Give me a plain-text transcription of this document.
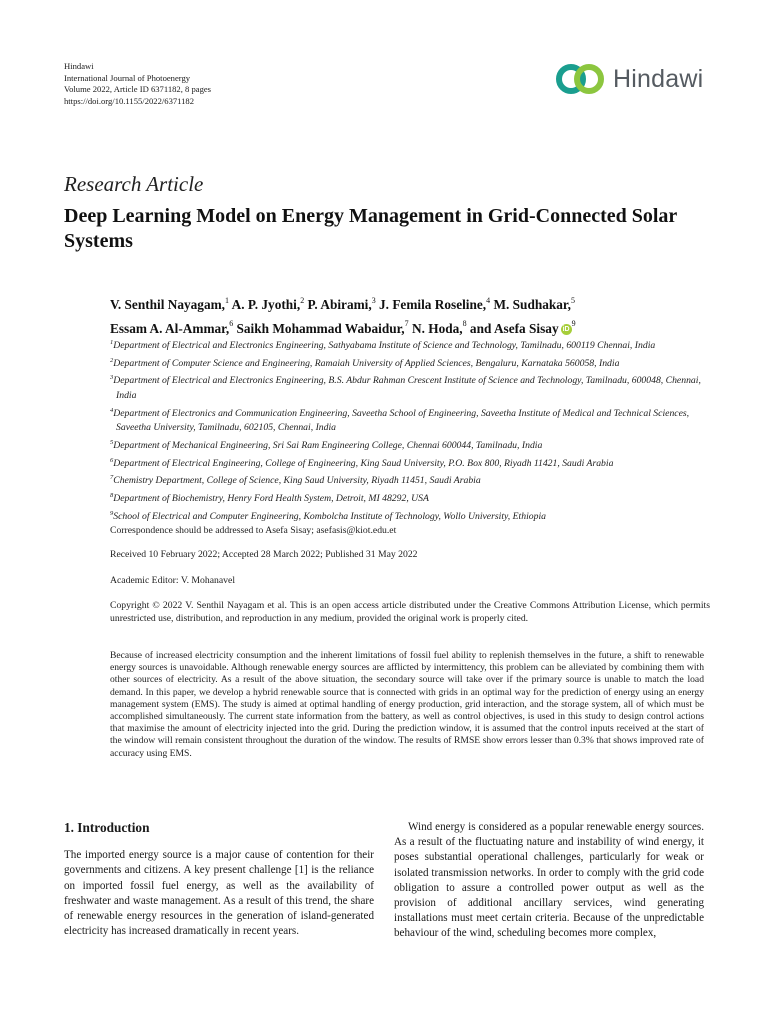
Hindawi
International Journal of Photoenergy
Volume 2022, Article ID 6371182, 8 pages
https://doi.org/10.1155/2022/6371182
Hindawi
Research Article
Deep Learning Model on Energy Management in Grid-Connected Solar Systems
V. Senthil Nayagam,$^1$ A. P. Jyothi,$^2$ P. Abirami,$^3$ J. Femila Roseline,$^4$ M. Sudhakar,$^5$
Essam A. Al-Ammar,$^6$ Saikh Mohammad Wabaidur,$^7$ N. Hoda,$^8$ and Asefa Sisay $iD^9$
$^1$Department of Electrical and Electronics Engineering, Sathyabama Institute of Science and Technology, Tamilnadu, 600119 Chennai, India
$^2$Department of Computer Science and Engineering, Ramaiah University of Applied Sciences, Bengaluru, Karnataka 560058, India
$^3$Department of Electrical and Electronics Engineering, B.S. Abdur Rahman Crescent Institute of Science and Technology, Tamilnadu, 600048, Chennai, India
$^4$Department of Electronics and Communication Engineering, Saveetha School of Engineering, Saveetha Institute of Medical and Technical Sciences, Saveetha University, Tamilnadu, 602105, Chennai, India
$^5$Department of Mechanical Engineering, Sri Sai Ram Engineering College, Chennai 600044, Tamilnadu, India
$^6$Department of Electrical Engineering, College of Engineering, King Saud University, P.O. Box 800, Riyadh 11421, Saudi Arabia
$^7$Chemistry Department, College of Science, King Saud University, Riyadh 11451, Saudi Arabia
$^8$Department of Biochemistry, Henry Ford Health System, Detroit, MI 48292, USA
$^9$School of Electrical and Computer Engineering, Kombolcha Institute of Technology, Wollo University, Ethiopia
Correspondence should be addressed to Asefa Sisay; asefasis@kiot.edu.et
Received 10 February 2022; Accepted 28 March 2022; Published 31 May 2022
Academic Editor: V. Mohanavel
Copyright © 2022 V. Senthil Nayagam et al. This is an open access article distributed under the Creative Commons Attribution License, which permits unrestricted use, distribution, and reproduction in any medium, provided the original work is properly cited.
Because of increased electricity consumption and the inherent limitations of fossil fuel ability to replenish themselves in the future, a shift to renewable energy sources is unavoidable. Although renewable energy sources are afflicted by intermittency, this problem can be alleviated by combining them with other sources of electricity. As a result of the above situation, the secondary source will take over if the primary source is unable to match the load demand. In this paper, we develop a hybrid renewable source that is connected with grids in an optimal way for the prediction of energy using an energy management system (EMS). The study is aimed at optimal handling of energy production, grid interaction, and the storage system, all of which must be accomplished simultaneously. The current state information from the battery, as well as control objectives, is used in this study to design control actions that maximise the amount of electricity injected into the grid. During the prediction window, it is assumed that the control inputs received at the start of the window will remain consistent throughout the duration of the window. The results of RMSE show errors lesser than 0.3% that shows improved rate of accuracy using EMS.
1. Introduction
The imported energy source is a major cause of contention for their governments and citizens. A key present challenge [1] is the reliance on imported fossil fuel energy, as well as the availability of freshwater and waste management. As a result of this trend, the share of renewable energy resources in the generation of island-generated electricity has increased dramatically in recent years.
Wind energy is considered as a popular renewable energy sources. As a result of the fluctuating nature and instability of wind energy, it poses substantial operational challenges, particularly for weak or isolated transmission networks. In order to comply with the grid code obligation to assure a controlled power output as well as the provision of additional ancillary services, wind generating installations must meet certain criteria. Because of the unpredictable behaviour of the wind, scheduling becomes more complex,
